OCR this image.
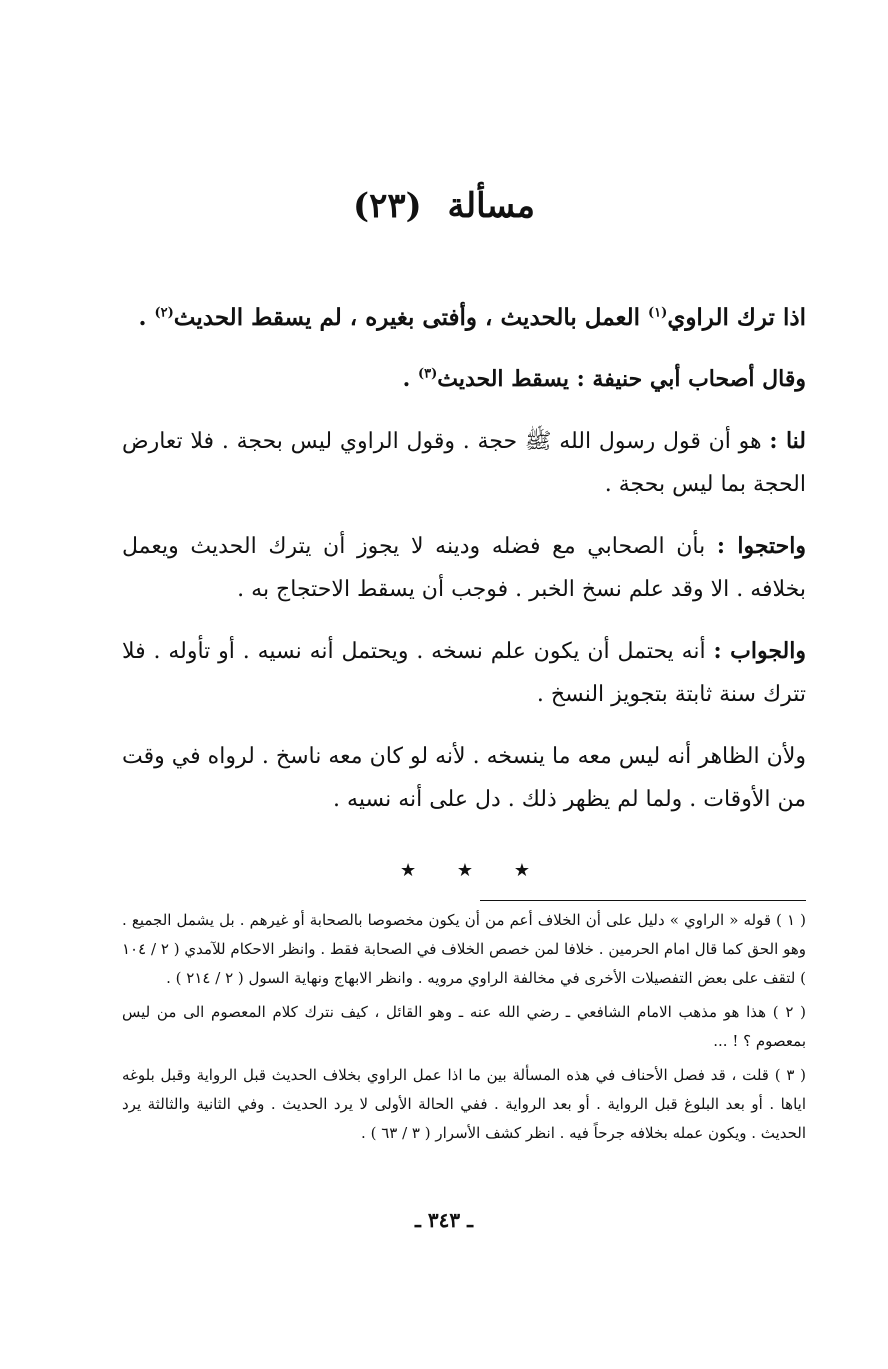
مسألة (٢٣)

اذا ترك الراوي$^{(١)}$ العمل بالحديث ، وأفتى بغيره ، لم يسقط الحديث$^{(٢)}$ .

وقال أصحاب أبي حنيفة : يسقط الحديث$^{(٣)}$ .

لنا : هو أن قول رسول الله ﷺ حجة . وقول الراوي ليس بحجة . فلا تعارض الحجة بما ليس بحجة .

واحتجوا : بأن الصحابي مع فضله ودينه لا يجوز أن يترك الحديث ويعمل بخلافه . الا وقد علم نسخ الخبر . فوجب أن يسقط الاحتجاج به .

والجواب : أنه يحتمل أن يكون علم نسخه . ويحتمل أنه نسيه . أو تأوله . فلا تترك سنة ثابتة بتجويز النسخ .

ولأن الظاهر أنه ليس معه ما ينسخه . لأنه لو كان معه ناسخ . لرواه في وقت من الأوقات . ولما لم يظهر ذلك . دل على أنه نسيه .

★ ★ ★

( ١ ) قوله « الراوي » دليل على أن الخلاف أعم من أن يكون مخصوصا بالصحابة أو غيرهم . بل يشمل الجميع . وهو الحق كما قال امام الحرمين . خلافا لمن خصص الخلاف في الصحابة فقط . وانظر الاحكام للآمدي ( ٢ / ١٠٤ ) لتقف على بعض التفصيلات الأخرى في مخالفة الراوي مرويه . وانظر الابهاج ونهاية السول ( ٢ / ٢١٤ ) .

( ٢ ) هذا هو مذهب الامام الشافعي ـ رضي الله عنه ـ وهو القائل ، كيف نترك كلام المعصوم الى من ليس بمعصوم ؟ ! ...

( ٣ ) قلت ، قد فصل الأحناف في هذه المسألة بين ما اذا عمل الراوي بخلاف الحديث قبل الرواية وقبل بلوغه اياها . أو بعد البلوغ قبل الرواية . أو بعد الرواية . ففي الحالة الأولى لا يرد الحديث . وفي الثانية والثالثة يرد الحديث . ويكون عمله بخلافه جرحاً فيه . انظر كشف الأسرار ( ٣ / ٦٣ ) .

ـ ٣٤٣ ـ
